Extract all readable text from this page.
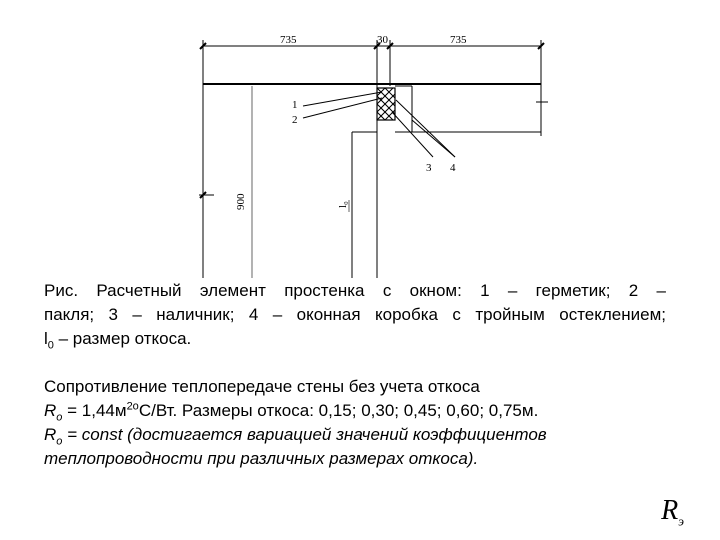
735	30	735
900
1
2
3 4
l₀

Рис. Расчетный элемент простенка с окном: 1 – герметик; 2 –
пакля; 3 – наличник; 4 – оконная коробка с тройным остеклением;
$l_0$ – размер откоса.

Сопротивление теплопередаче стены без учета откоса
$R_o = 1,44м^{2о}С/Вт$. Размеры откоса: 0,15; 0,30; 0,45; 0,60; 0,75м.
$R_o$ = const (достигается вариацией значений коэффициентов
теплопроводности при различных размерах откоса).

$R_э$
